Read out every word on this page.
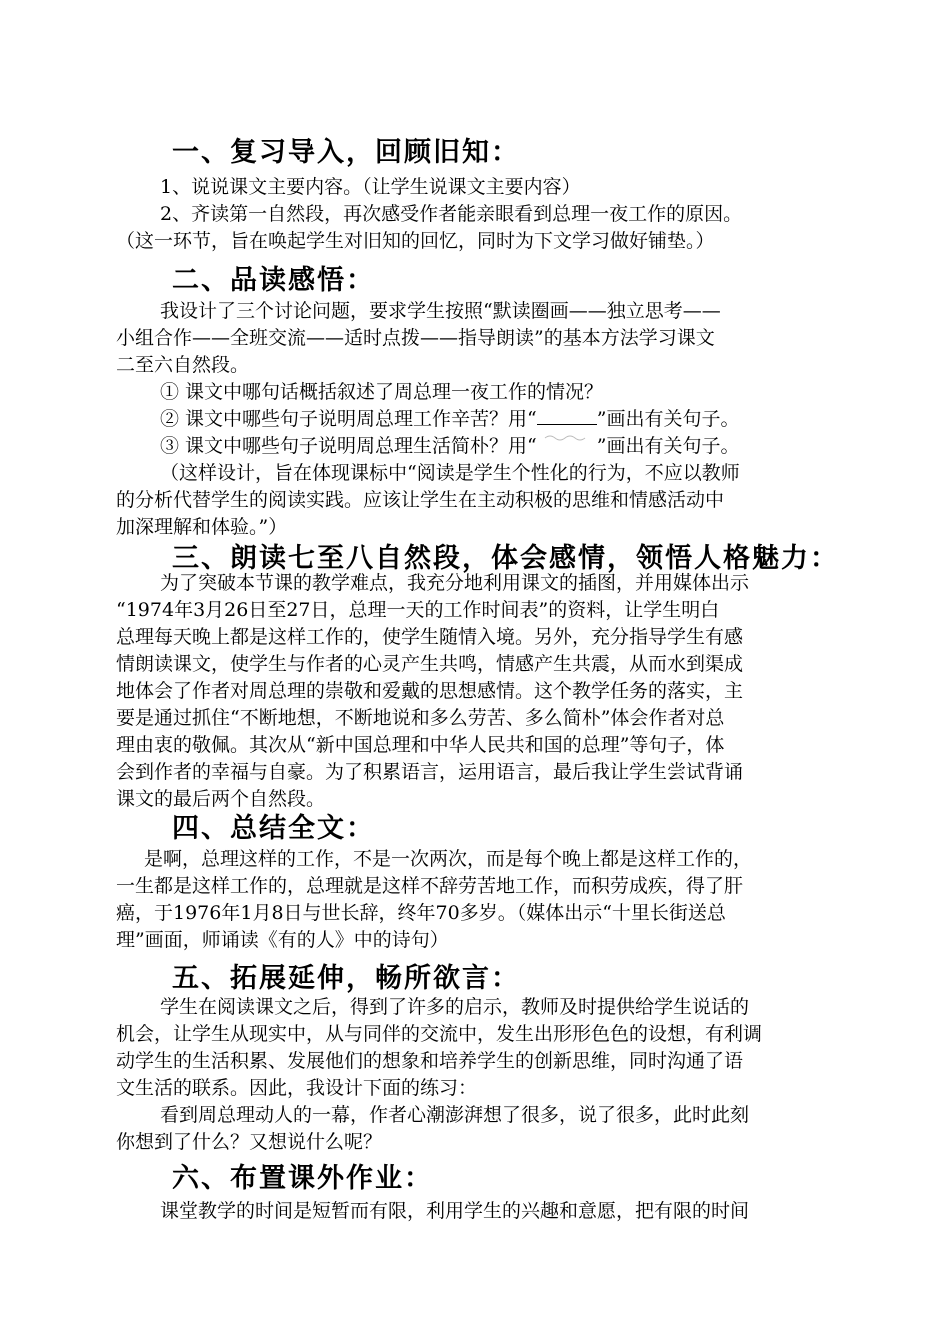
一、复习导入，回顾旧知：
1、说说课文主要内容。（让学生说课文主要内容）
2、齐读第一自然段，再次感受作者能亲眼看到总理一夜工作的原因。
（这一环节，旨在唤起学生对旧知的回忆，同时为下文学习做好铺垫。）
二、品读感悟：
我设计了三个讨论问题，要求学生按照“默读圈画——独立思考——
小组合作——全班交流——适时点拨——指导朗读”的基本方法学习课文
二至六自然段。
① 课文中哪句话概括叙述了周总理一夜工作的情况？
② 课文中哪些句子说明周总理工作辛苦？用“	”画出有关句子。
③ 课文中哪些句子说明周总理生活简朴？用“	”画出有关句子。
（这样设计，旨在体现课标中“阅读是学生个性化的行为，不应以教师
的分析代替学生的阅读实践。应该让学生在主动积极的思维和情感活动中
加深理解和体验。”）
三、朗读七至八自然段，体会感情，领悟人格魅力：
为了突破本节课的教学难点，我充分地利用课文的插图，并用媒体出示
“1974年3月26日至27日，总理一天的工作时间表”的资料，让学生明白
总理每天晚上都是这样工作的，使学生随情入境。另外，充分指导学生有感
情朗读课文，使学生与作者的心灵产生共鸣，情感产生共震，从而水到渠成
地体会了作者对周总理的崇敬和爱戴的思想感情。这个教学任务的落实，主
要是通过抓住“不断地想，不断地说和多么劳苦、多么简朴”体会作者对总
理由衷的敬佩。其次从“新中国总理和中华人民共和国的总理”等句子，体
会到作者的幸福与自豪。为了积累语言，运用语言，最后我让学生尝试背诵
课文的最后两个自然段。
四、总结全文：
是啊，总理这样的工作，不是一次两次，而是每个晚上都是这样工作的，
一生都是这样工作的，总理就是这样不辞劳苦地工作，而积劳成疾，得了肝
癌，于1976年1月8日与世长辞，终年70多岁。（媒体出示“十里长街送总
理”画面，师诵读《有的人》中的诗句）
五、拓展延伸，畅所欲言：
学生在阅读课文之后，得到了许多的启示，教师及时提供给学生说话的
机会，让学生从现实中，从与同伴的交流中，发生出形形色色的设想，有利调
动学生的生活积累、发展他们的想象和培养学生的创新思维，同时沟通了语
文生活的联系。因此，我设计下面的练习：
看到周总理动人的一幕，作者心潮澎湃想了很多，说了很多，此时此刻
你想到了什么？又想说什么呢？
六、布置课外作业：
课堂教学的时间是短暂而有限，利用学生的兴趣和意愿，把有限的时间
